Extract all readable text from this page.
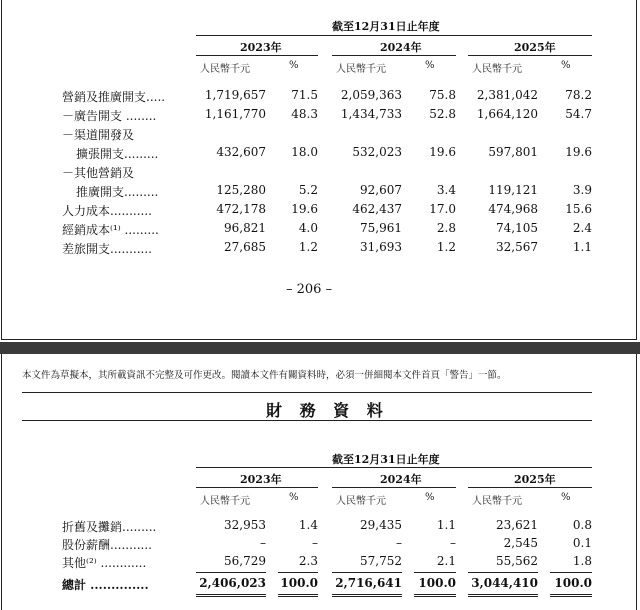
截至12月31日止年度
2023年	2024年	2025年
人民幣千元	%	人民幣千元	%	人民幣千元	%
營銷及推廣開支.....	1,719,657	71.5	2,059,363	75.8	2,381,042	78.2
－廣告開支 ........	1,161,770	48.3	1,434,733	52.8	1,664,120	54.7
－渠道開發及
擴張開支.........	432,607	18.0	532,023	19.6	597,801	19.6
－其他營銷及
推廣開支.........	125,280	5.2	92,607	3.4	119,121	3.9
人力成本...........	472,178	19.6	462,437	17.0	474,968	15.6
經銷成本⁽¹⁾ .........	96,821	4.0	75,961	2.8	74,105	2.4
差旅開支...........	27,685	1.2	31,693	1.2	32,567	1.1
– 206 –
本文件為草擬本，其所載資訊不完整及可作更改。閱讀本文件有關資料時，必須一併細閱本文件首頁「警告」一節。
財 務 資 料
截至12月31日止年度
2023年	2024年	2025年
人民幣千元	%	人民幣千元	%	人民幣千元	%
折舊及攤銷.........	32,953	1.4	29,435	1.1	23,621	0.8
股份薪酬...........	–	–	–	–	2,545	0.1
其他⁽²⁾ ............	56,729	2.3	57,752	2.1	55,562	1.8
總計 ..............	2,406,023 100.0	2,716,641 100.0	3,044,410 100.0
